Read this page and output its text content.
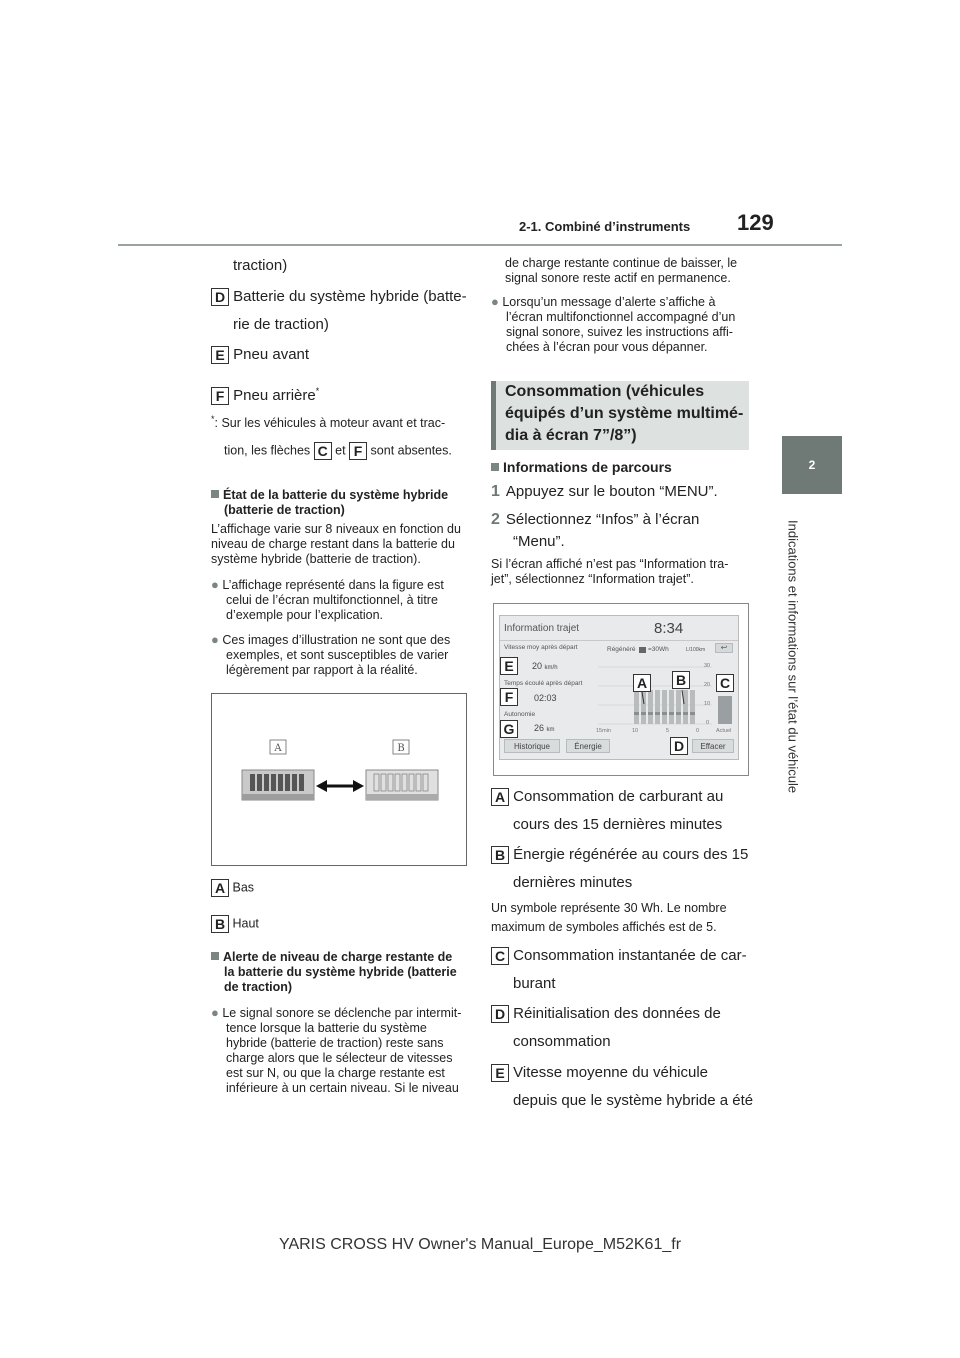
2-1. Combiné d’instruments 129
2
Indications et informations sur l’état du véhicule
traction)
D Batterie du système hybride (batte-
rie de traction)
E Pneu avant
F Pneu arrière*
*: Sur les véhicules à moteur avant et trac-
tion, les flèches C et F sont absentes.
État de la batterie du système hybride
(batterie de traction)
L’affichage varie sur 8 niveaux en fonction du
niveau de charge restant dans la batterie du
système hybride (batterie de traction).
● L’affichage représenté dans la figure est
celui de l’écran multifonctionnel, à titre
d’exemple pour l’explication.
● Ces images d’illustration ne sont que des
exemples, et sont susceptibles de varier
légèrement par rapport à la réalité.
A	B
A Bas
B Haut
Alerte de niveau de charge restante de
la batterie du système hybride (batterie
de traction)
● Le signal sonore se déclenche par intermit-
tence lorsque la batterie du système
hybride (batterie de traction) reste sans
charge alors que le sélecteur de vitesses
est sur N, ou que la charge restante est
inférieure à un certain niveau. Si le niveau
de charge restante continue de baisser, le
signal sonore reste actif en permanence.
● Lorsqu’un message d’alerte s’affiche à
l’écran multifonctionnel accompagné d’un
signal sonore, suivez les instructions affi-
chées à l’écran pour vous dépanner.
Consommation (véhicules
équipés d’un système multimé-
dia à écran 7”/8”)
Informations de parcours
1 Appuyez sur le bouton “MENU”.
2 Sélectionnez “Infos” à l’écran
“Menu”.
Si l’écran affiché n’est pas “Information tra-
jet”, sélectionnez “Information trajet”.
Information trajet	8:34
Vitesse moy après départ
20 km/h
Temps écoulé après départ
02:03
Autonomie
26 km
Régénéré =30Wh	L/100km	↩
30
20
10
0
15min	10	5	0	Actuel
Historique	Énergie	Effacer
E
F
G
A B C
D
A Consommation de carburant au
cours des 15 dernières minutes
B Énergie régénérée au cours des 15
dernières minutes
Un symbole représente 30 Wh. Le nombre
maximum de symboles affichés est de 5.
C Consommation instantanée de car-
burant
D Réinitialisation des données de
consommation
E Vitesse moyenne du véhicule
depuis que le système hybride a été
YARIS CROSS HV Owner's Manual_Europe_M52K61_fr
